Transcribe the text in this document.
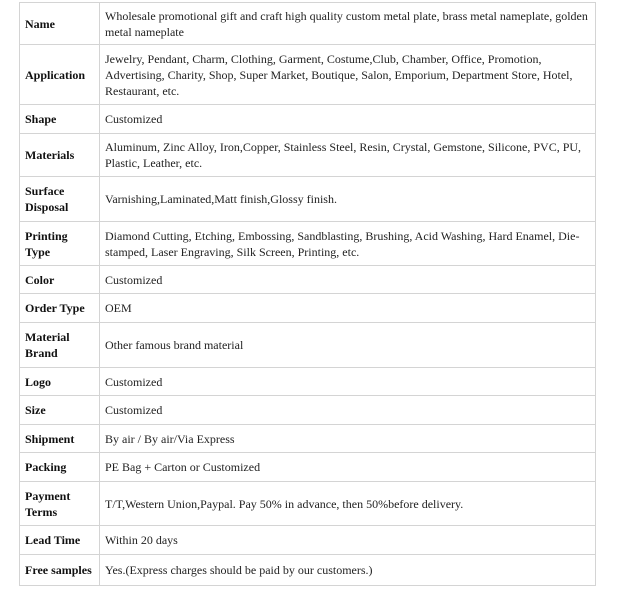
Name	Wholesale promotional gift and craft high quality custom metal plate, brass metal nameplate, golden metal nameplate
Application	Jewelry, Pendant, Charm, Clothing, Garment, Costume,Club, Chamber, Office, Promotion, Advertising, Charity, Shop, Super Market, Boutique, Salon, Emporium, Department Store, Hotel, Restaurant, etc.
Shape	Customized
Materials	Aluminum, Zinc Alloy, Iron,Copper, Stainless Steel, Resin, Crystal, Gemstone, Silicone, PVC, PU, Plastic, Leather, etc.
Surface Disposal	Varnishing,Laminated,Matt finish,Glossy finish.
Printing Type	Diamond Cutting, Etching, Embossing, Sandblasting, Brushing, Acid Washing, Hard Enamel, Die-stamped, Laser Engraving, Silk Screen, Printing, etc.
Color	Customized
Order Type	OEM
Material Brand	Other famous brand material
Logo	Customized
Size	Customized
Shipment	By air / By air/Via Express
Packing	PE Bag + Carton or Customized
Payment Terms	T/T,Western Union,Paypal. Pay 50% in advance, then 50%before delivery.
Lead Time	Within 20 days
Free samples	Yes.(Express charges should be paid by our customers.)
